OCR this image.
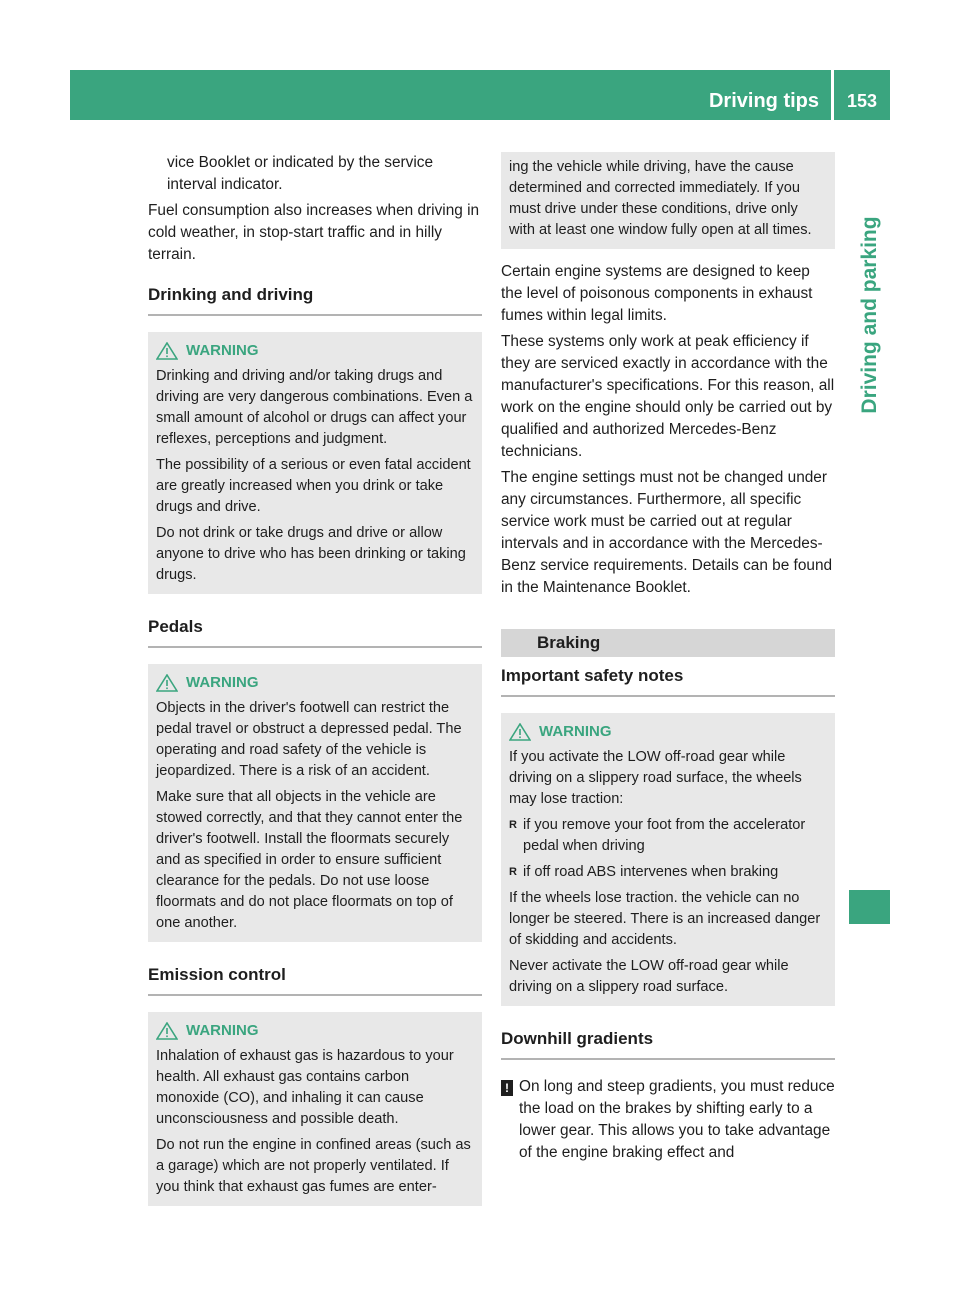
Driving tips	153
Driving and parking
vice Booklet or indicated by the service
interval indicator.
Fuel consumption also increases when driving in cold weather, in stop-start traffic and in hilly terrain.
Drinking and driving
WARNING

Drinking and driving and/or taking drugs and driving are very dangerous combinations. Even a small amount of alcohol or drugs can affect your reflexes, perceptions and judgment.

The possibility of a serious or even fatal accident are greatly increased when you drink or take drugs and drive.

Do not drink or take drugs and drive or allow anyone to drive who has been drinking or taking drugs.

Pedals
WARNING

Objects in the driver's footwell can restrict the pedal travel or obstruct a depressed pedal. The operating and road safety of the vehicle is jeopardized. There is a risk of an accident.

Make sure that all objects in the vehicle are stowed correctly, and that they cannot enter the driver's footwell. Install the floormats securely and as specified in order to ensure sufficient clearance for the pedals. Do not use loose floormats and do not place floormats on top of one another.

Emission control
WARNING

Inhalation of exhaust gas is hazardous to your health. All exhaust gas contains carbon monoxide (CO), and inhaling it can cause unconsciousness and possible death.

Do not run the engine in confined areas (such as a garage) which are not properly ventilated. If you think that exhaust gas fumes are enter-

ing the vehicle while driving, have the cause determined and corrected immediately. If you must drive under these conditions, drive only with at least one window fully open at all times.

Certain engine systems are designed to keep the level of poisonous components in exhaust fumes within legal limits.
These systems only work at peak efficiency if they are serviced exactly in accordance with the manufacturer's specifications. For this reason, all work on the engine should only be carried out by qualified and authorized Mercedes-Benz technicians.
The engine settings must not be changed under any circumstances. Furthermore, all specific service work must be carried out at regular intervals and in accordance with the Mercedes-Benz service requirements. Details can be found in the Maintenance Booklet.
Braking
Important safety notes
WARNING

If you activate the LOW off-road gear while driving on a slippery road surface, the wheels may lose traction:

R if you remove your foot from the accelerator pedal when driving
R if off road ABS intervenes when braking

If the wheels lose traction. the vehicle can no longer be steered. There is an increased danger of skidding and accidents.

Never activate the LOW off-road gear while driving on a slippery road surface.

Downhill gradients
! On long and steep gradients, you must reduce the load on the brakes by shifting early to a lower gear. This allows you to take advantage of the engine braking effect and
